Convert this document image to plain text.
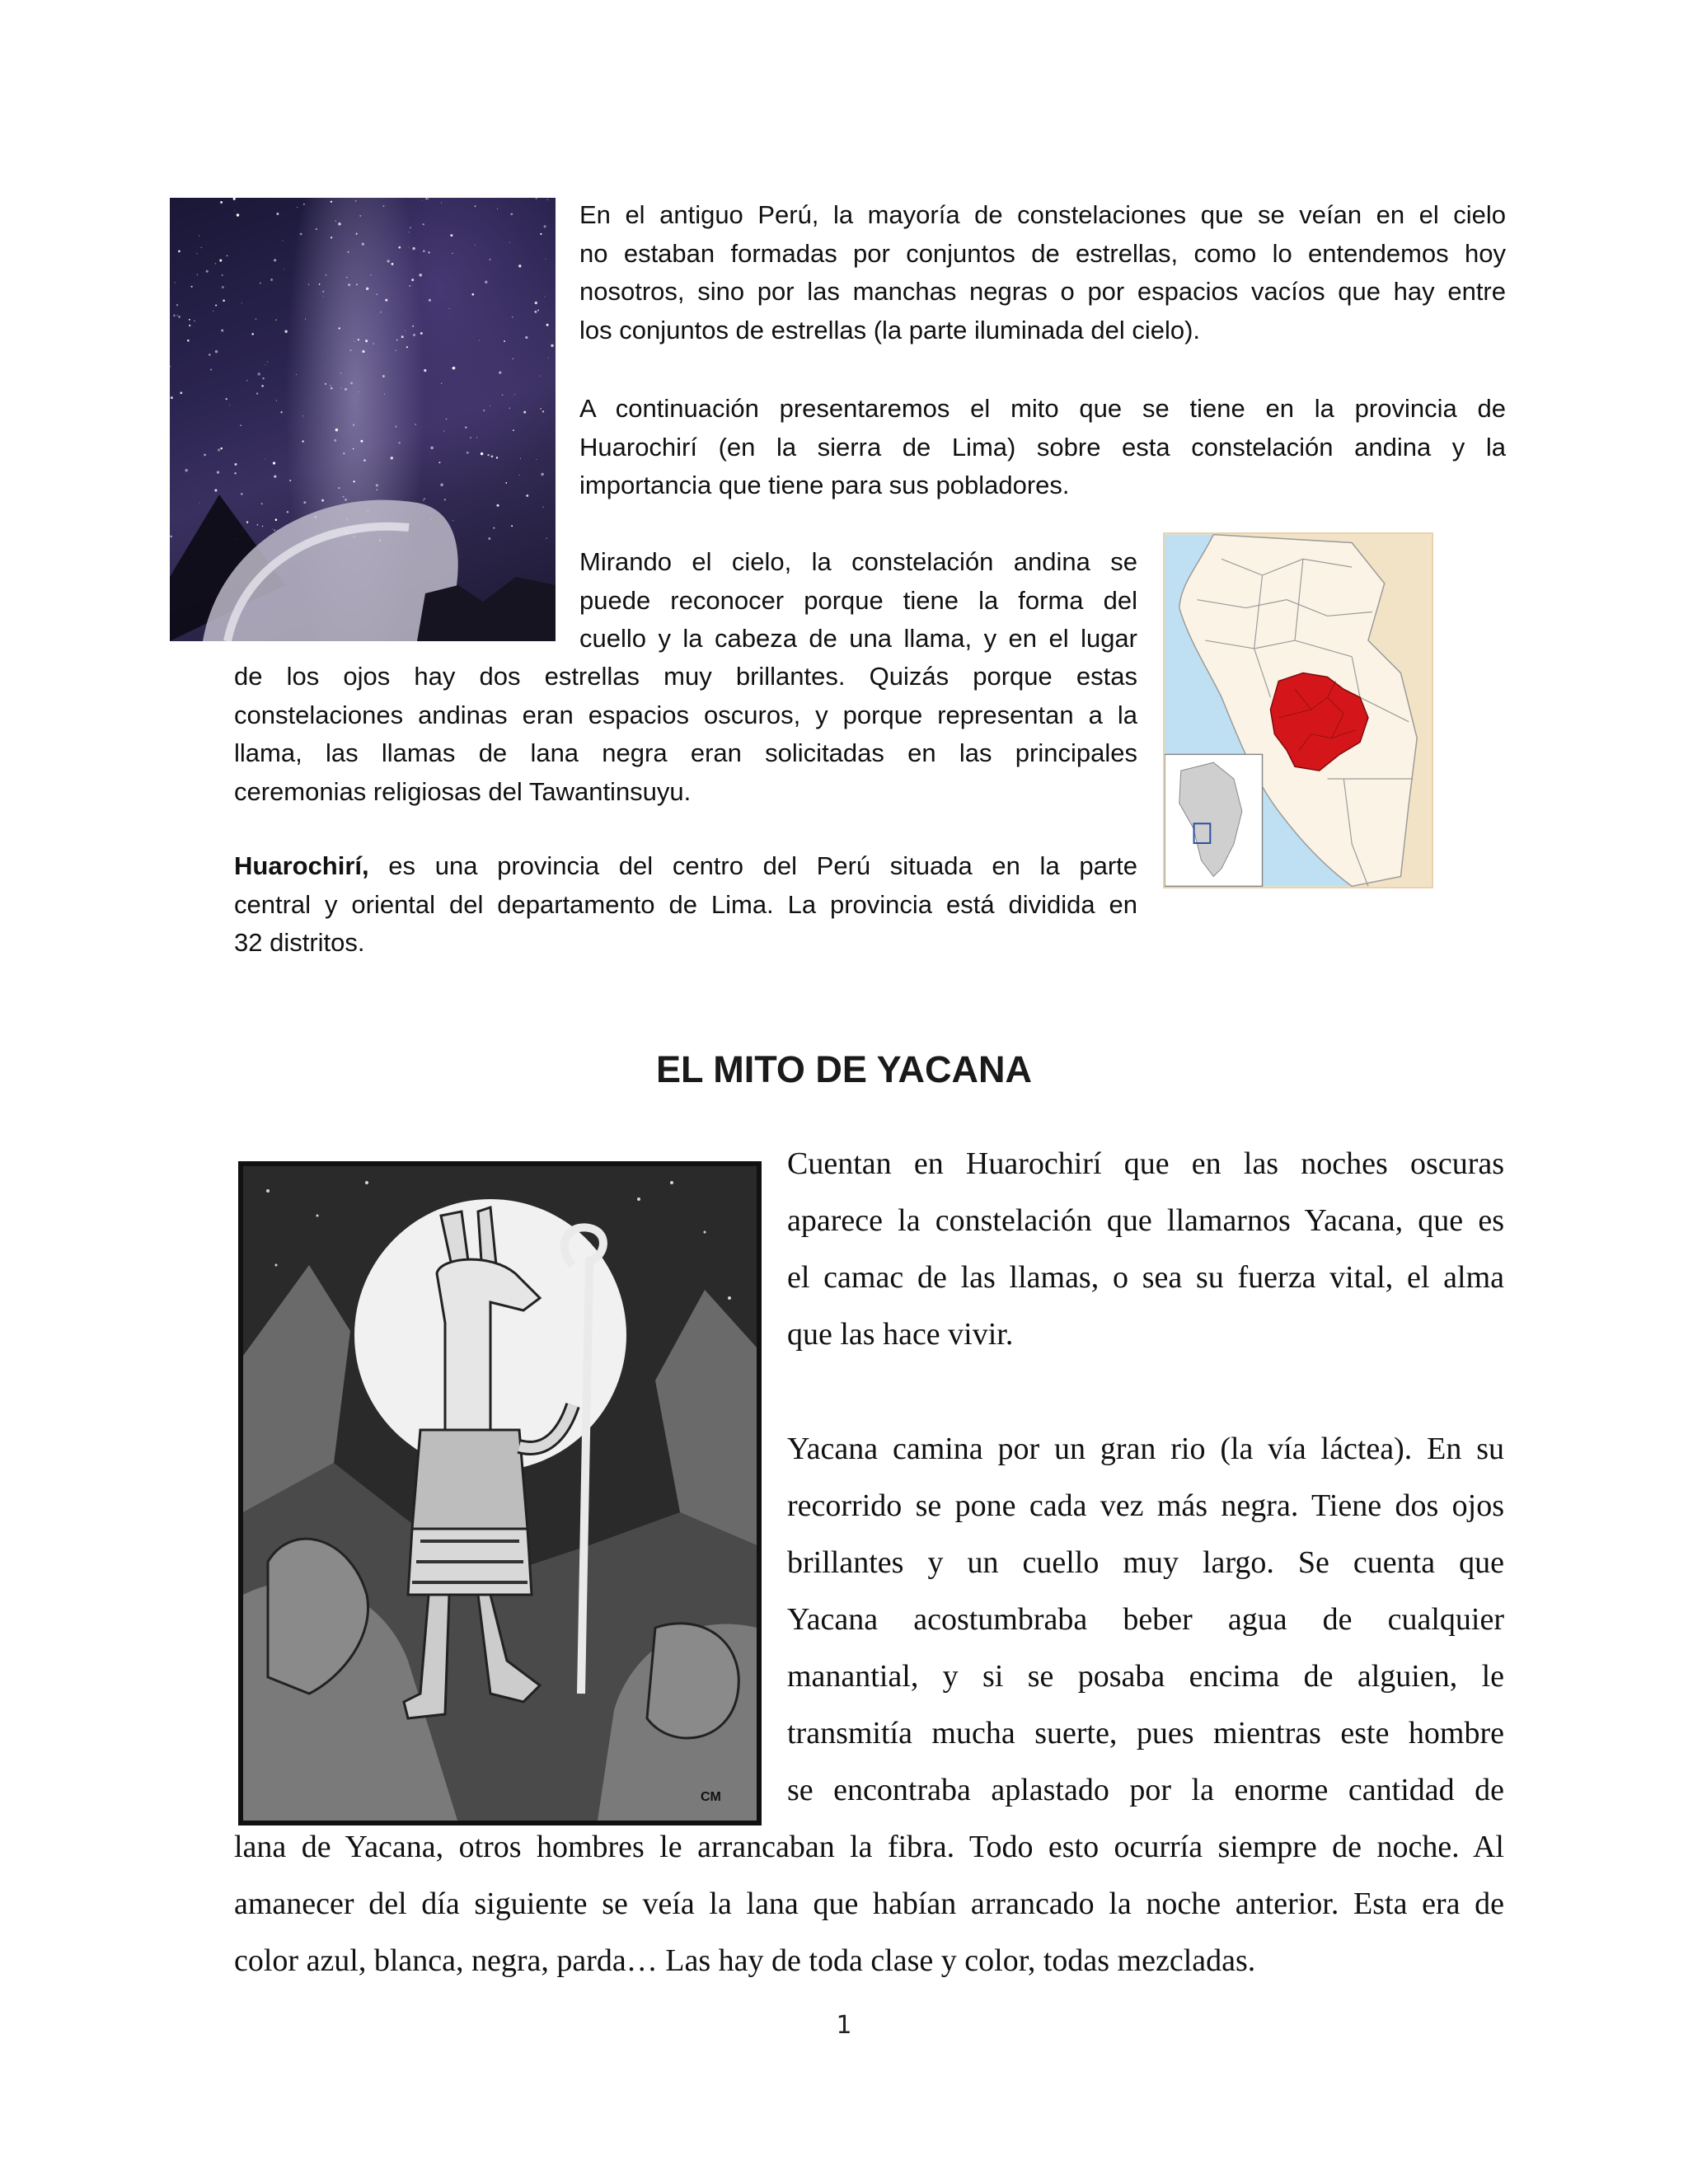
En el antiguo Perú, la mayoría de constelaciones que se veían en el cielo
no estaban formadas por conjuntos de estrellas, como lo entendemos hoy
nosotros, sino por las manchas negras o por espacios vacíos que hay entre
los conjuntos de estrellas (la parte iluminada del cielo).
A continuación presentaremos el mito que se tiene en la provincia de
Huarochirí (en la sierra de Lima) sobre esta constelación andina y la
importancia que tiene para sus pobladores.
Mirando el cielo, la constelación andina se
puede reconocer porque tiene la forma del
cuello y la cabeza de una llama, y en el lugar
de los ojos hay dos estrellas muy brillantes. Quizás porque estas
constelaciones andinas eran espacios oscuros, y porque representan a la
llama, las llamas de lana negra eran solicitadas en las principales
ceremonias religiosas del Tawantinsuyu.
Huarochirí, es una provincia del centro del Perú situada en la parte
central y oriental del departamento de Lima. La provincia está dividida en
32 distritos.
EL MITO DE YACANA
CM
Cuentan en Huarochirí que en las noches oscuras
aparece la constelación que llamarnos Yacana, que es
el camac de las llamas, o sea su fuerza vital, el alma
que las hace vivir.
Yacana camina por un gran rio (la vía láctea). En su
recorrido se pone cada vez más negra. Tiene dos ojos
brillantes y un cuello muy largo. Se cuenta que
Yacana acostumbraba beber agua de cualquier
manantial, y si se posaba encima de alguien, le
transmitía mucha suerte, pues mientras este hombre
se encontraba aplastado por la enorme cantidad de
lana de Yacana, otros hombres le arrancaban la fibra. Todo esto ocurría siempre de noche. Al
amanecer del día siguiente se veía la lana que habían arrancado la noche anterior. Esta era de
color azul, blanca, negra, parda… Las hay de toda clase y color, todas mezcladas.
1
